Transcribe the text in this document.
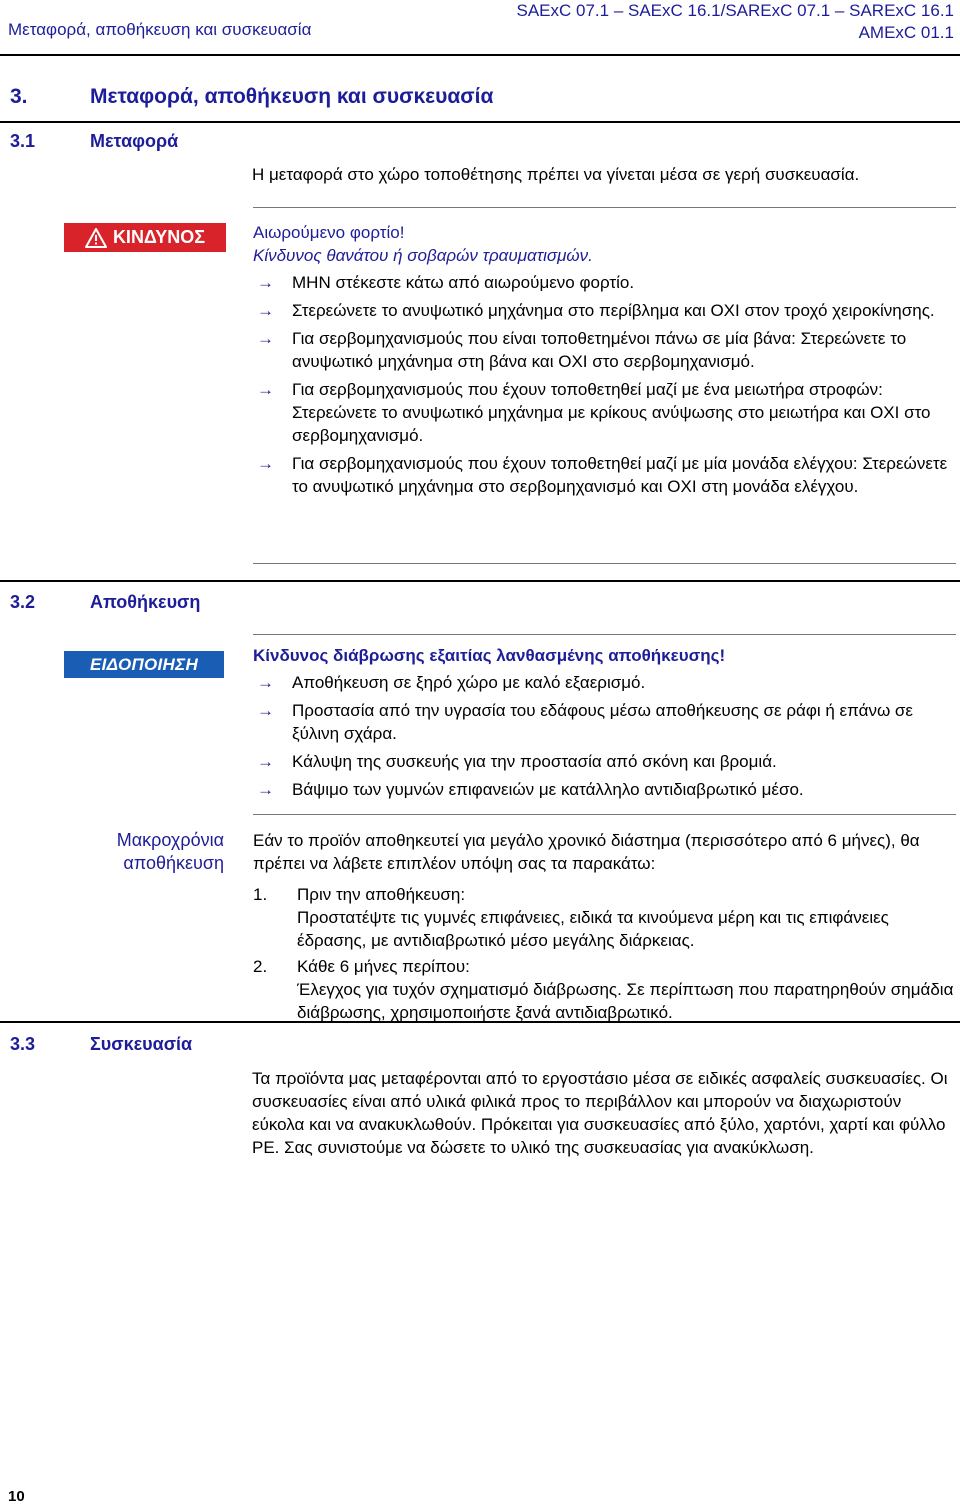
Μεταφορά, αποθήκευση και συσκευασία
SAExC 07.1 – SAExC 16.1/SARExC 07.1 – SARExC 16.1
AMExC 01.1
3.	Μεταφορά, αποθήκευση και συσκευασία
3.1	Μεταφορά
Η μεταφορά στο χώρο τοποθέτησης πρέπει να γίνεται μέσα σε γερή συσκευασία.
ΚΙΝΔΥΝΟΣ	Αιωρούμενο φορτίο!
Κίνδυνος θανάτου ή σοβαρών τραυματισμών.
→ ΜΗΝ στέκεστε κάτω από αιωρούμενο φορτίο.
→ Στερεώνετε το ανυψωτικό μηχάνημα στο περίβλημα και ΟΧΙ στον τροχό χειροκίνησης.
→ Για σερβομηχανισμούς που είναι τοποθετημένοι πάνω σε μία βάνα: Στερεώνετε το ανυψωτικό μηχάνημα στη βάνα και ΟΧΙ στο σερβομηχανισμό.
→ Για σερβομηχανισμούς που έχουν τοποθετηθεί μαζί με ένα μειωτήρα στροφών: Στερεώνετε το ανυψωτικό μηχάνημα με κρίκους ανύψωσης στο μειωτήρα και ΟΧΙ στο σερβομηχανισμό.
→ Για σερβομηχανισμούς που έχουν τοποθετηθεί μαζί με μία μονάδα ελέγχου: Στερεώνετε το ανυψωτικό μηχάνημα στο σερβομηχανισμό και ΟΧΙ στη μονάδα ελέγχου.
3.2	Αποθήκευση
ΕΙΔΟΠΟΙΗΣΗ	Κίνδυνος διάβρωσης εξαιτίας λανθασμένης αποθήκευσης!
→ Αποθήκευση σε ξηρό χώρο με καλό εξαερισμό.
→ Προστασία από την υγρασία του εδάφους μέσω αποθήκευσης σε ράφι ή επάνω σε ξύλινη σχάρα.
→ Κάλυψη της συσκευής για την προστασία από σκόνη και βρομιά.
→ Βάψιμο των γυμνών επιφανειών με κατάλληλο αντιδιαβρωτικό μέσο.
Μακροχρόνια
αποθήκευση
Εάν το προϊόν αποθηκευτεί για μεγάλο χρονικό διάστημα (περισσότερο από 6 μήνες), θα πρέπει να λάβετε επιπλέον υπόψη σας τα παρακάτω:
1. Πριν την αποθήκευση:
Προστατέψτε τις γυμνές επιφάνειες, ειδικά τα κινούμενα μέρη και τις επιφάνειες έδρασης, με αντιδιαβρωτικό μέσο μεγάλης διάρκειας.
2. Κάθε 6 μήνες περίπου:
Έλεγχος για τυχόν σχηματισμό διάβρωσης. Σε περίπτωση που παρατηρηθούν σημάδια διάβρωσης, χρησιμοποιήστε ξανά αντιδιαβρωτικό.
3.3	Συσκευασία
Τα προϊόντα μας μεταφέρονται από το εργοστάσιο μέσα σε ειδικές ασφαλείς συσκευασίες. Οι συσκευασίες είναι από υλικά φιλικά προς το περιβάλλον και μπορούν να διαχωριστούν εύκολα και να ανακυκλωθούν. Πρόκειται για συσκευασίες από ξύλο, χαρτόνι, χαρτί και φύλλο PE. Σας συνιστούμε να δώσετε το υλικό της συσκευασίας για ανακύκλωση.
10
